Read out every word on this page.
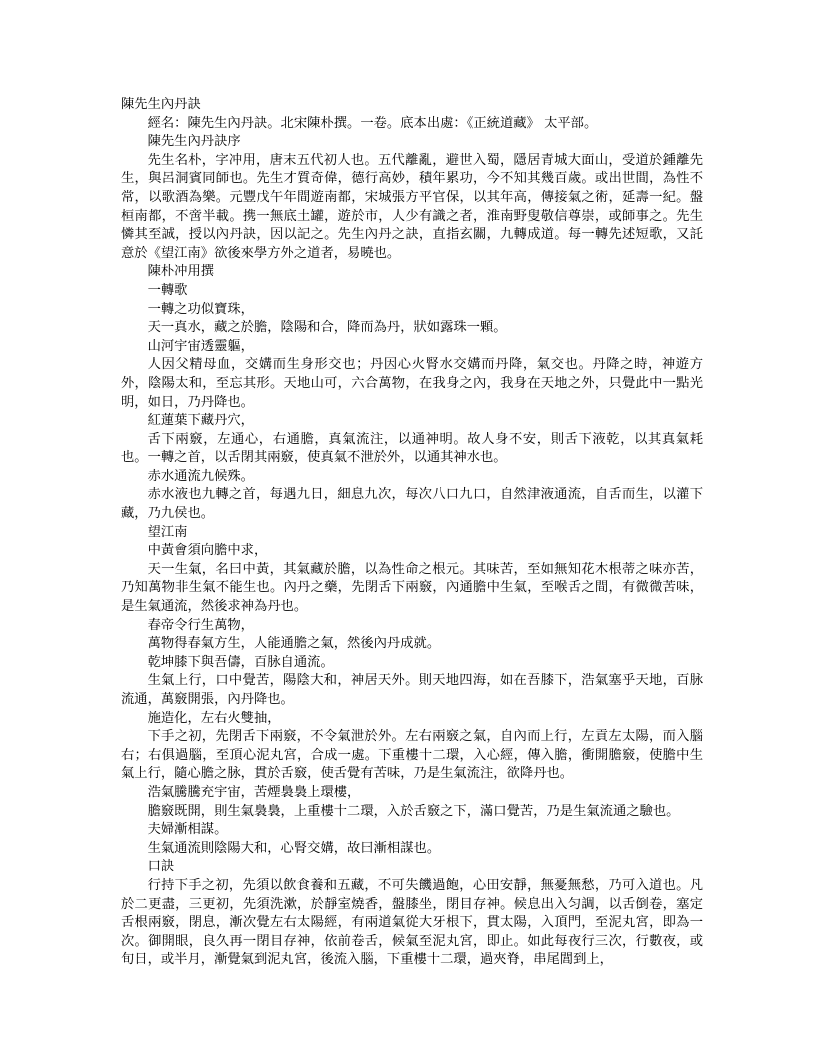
陳先生內丹訣

經名：陳先生內丹訣。北宋陳朴撰。一卷。底本出處：《正統道藏》 太平部。

陳先生內丹訣序

先生名朴，字冲用，唐末五代初人也。五代離亂，避世入蜀，隱居青城大面山，受道於鍾離先生，與呂洞賓同師也。先生才質奇偉，德行高妙，積年累功，今不知其幾百歲。或出世間，為性不常，以歌酒為樂。元豐戊午年間遊南都，宋城張方平官保，以其年高，傳接氣之術，延壽一紀。盤桓南都，不啻半載。携一無底土罐，遊於市，人少有識之者，淮南野叟敬信尊崇，或師事之。先生憐其至誠，授以內丹訣，因以記之。先生內丹之訣，直指玄關，九轉成道。每一轉先述短歌，又託意於《望江南》欲後來學方外之道者，易曉也。

陳朴冲用撰

一轉歌

一轉之功似寶珠，

天一真水，藏之於膽，陰陽和合，降而為丹，狀如露珠一顆。

山河宇宙透靈軀，

人因父精母血，交媾而生身形交也；丹因心火腎水交媾而丹降，氣交也。丹降之時，神遊方外，陰陽太和，至忘其形。天地山可，六合萬物，在我身之內，我身在天地之外，只覺此中一點光明，如日，乃丹降也。

紅蓮葉下藏丹穴，

舌下兩竅，左通心，右通膽，真氣流注，以通神明。故人身不安，則舌下液乾，以其真氣耗也。一轉之首，以舌閉其兩竅，使真氣不泄於外，以通其神水也。

赤水通流九候殊。

赤水液也九轉之首，每遇九日，細息九次，每次八口九口，自然津液通流，自舌而生，以灌下藏，乃九侯也。

望江南

中黃會須向膽中求，

天一生氣，名曰中黃，其氣藏於膽，以為性命之根元。其味苦，至如無知花木根蒂之味亦苦，乃知萬物非生氣不能生也。內丹之藥，先閉舌下兩竅，內通膽中生氣，至喉舌之間，有微微苦味，是生氣通流，然後求神為丹也。

春帝令行生萬物，

萬物得春氣方生，人能通膽之氣，然後內丹成就。

乾坤膝下與吾儔，百脉自通流。

生氣上行，口中覺苦，陽陰大和，神居天外。則天地四海，如在吾膝下，浩氣塞乎天地，百脉流通，萬竅開張，內丹降也。

施造化，左右火雙抽，

下手之初，先閉舌下兩竅，不令氣泄於外。左右兩竅之氣，自內而上行，左貢左太陽，而入腦右；右俱過腦，至頂心泥丸宮，合成一處。下重樓十二環，入心經，傳入膽，衝開膽竅，使膽中生氣上行，隨心膽之脉，貫於舌竅，使舌覺有苦味，乃是生氣流注，欲降丹也。

浩氣騰騰充宇宙，苦煙裊裊上環樓，

膽竅既開，則生氣裊裊，上重樓十二環，入於舌竅之下，滿口覺苦，乃是生氣流通之驗也。

夫婦漸相謀。

生氣通流則陰陽大和，心腎交媾，故曰漸相謀也。

口訣

行持下手之初，先須以飲食養和五藏，不可失饑過飽，心田安靜，無憂無愁，乃可入道也。凡於二更盡，三更初，先須洗漱，於靜室燒香，盤膝坐，閉目存神。候息出入匀調，以舌倒卷，塞定舌根兩竅，閉息，漸次覺左右太陽經，有兩道氣從大牙根下，貫太陽，入頂門，至泥丸宮，即為一次。御開眼，良久再一閉目存神，依前卷舌，候氣至泥丸宮，即止。如此每夜行三次，行數夜，或旬日，或半月，漸覺氣到泥丸宮，後流入腦，下重樓十二環，過夾脊，串尾閭到上，
